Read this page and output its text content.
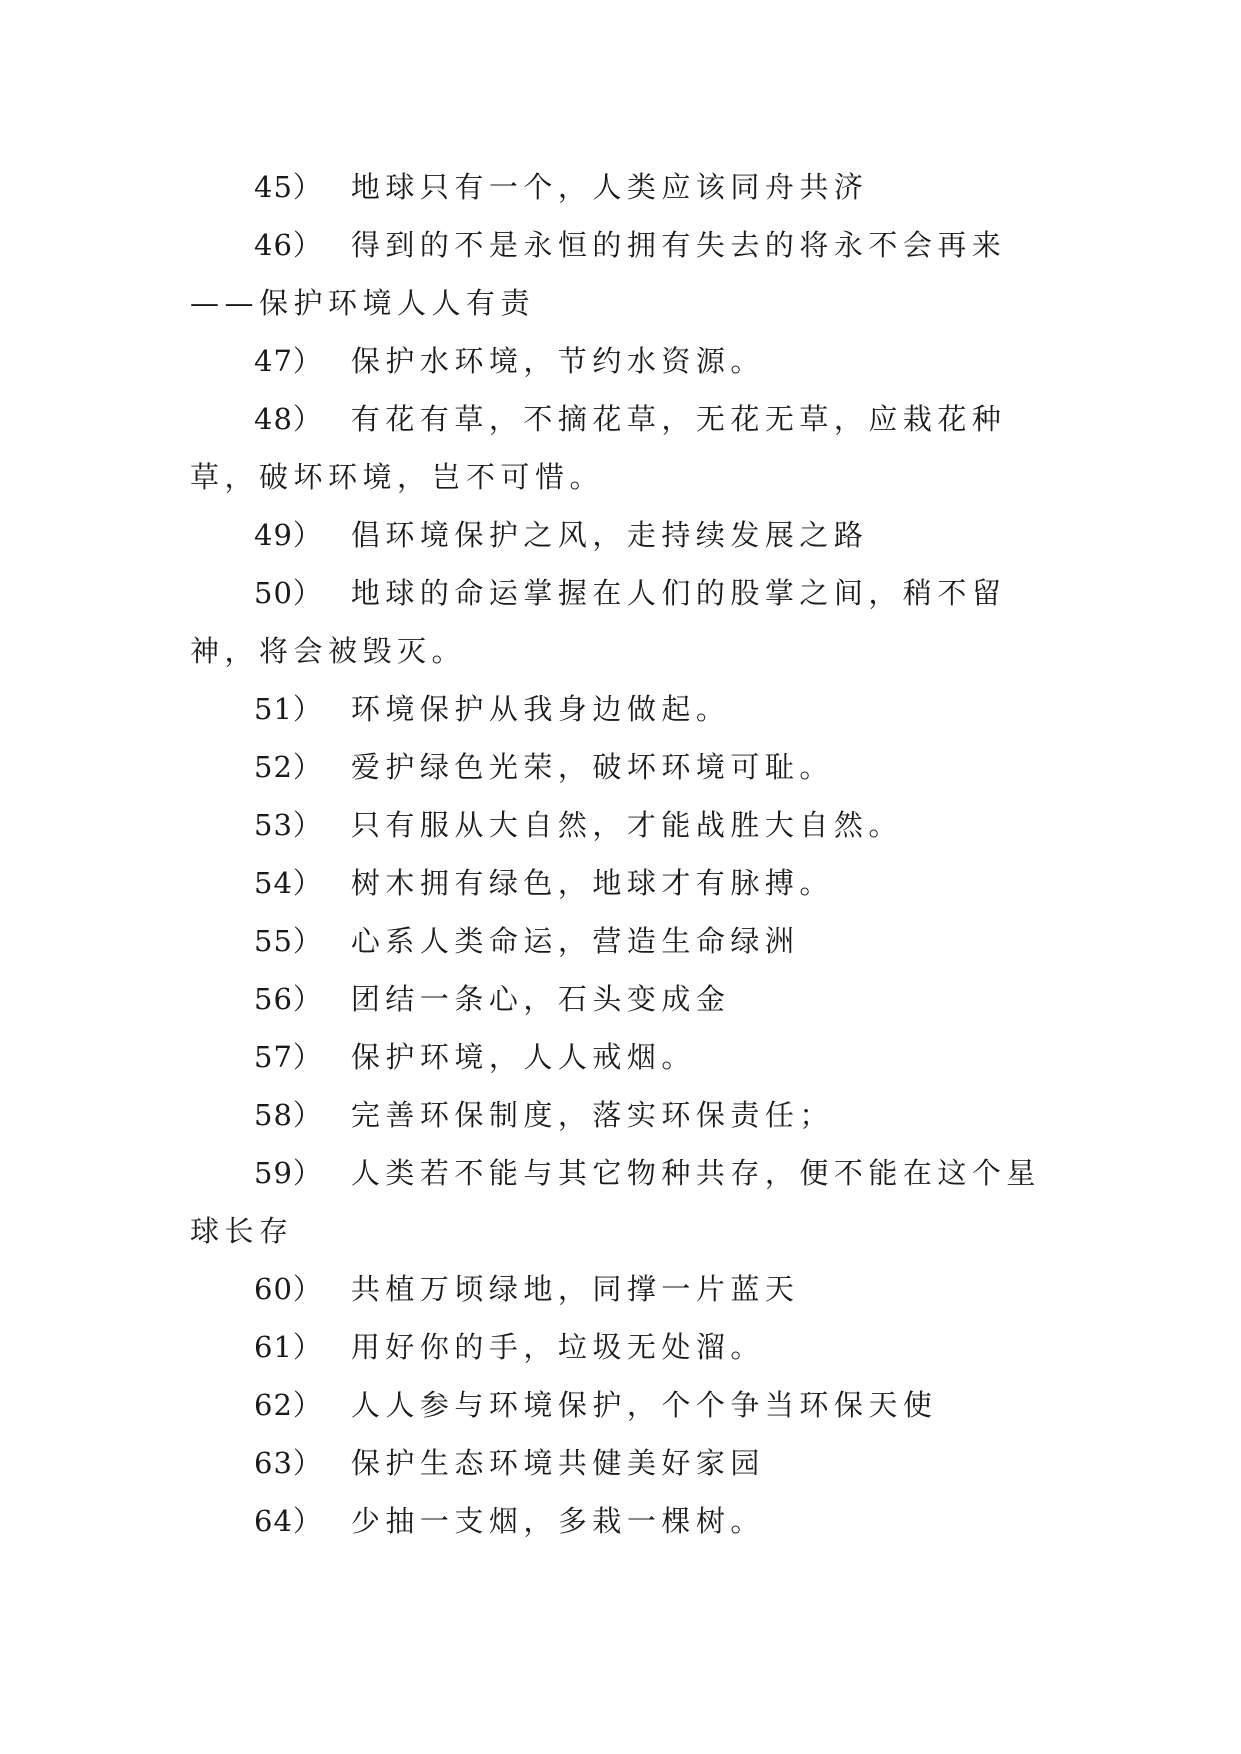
45） 地球只有一个，人类应该同舟共济

46） 得到的不是永恒的拥有失去的将永不会再来——保护环境人人有责

47） 保护水环境，节约水资源。

48） 有花有草，不摘花草，无花无草，应栽花种草，破坏环境，岂不可惜。

49） 倡环境保护之风，走持续发展之路

50） 地球的命运掌握在人们的股掌之间，稍不留神，将会被毁灭。

51） 环境保护从我身边做起。

52） 爱护绿色光荣，破坏环境可耻。

53） 只有服从大自然，才能战胜大自然。

54） 树木拥有绿色，地球才有脉搏。

55） 心系人类命运，营造生命绿洲

56） 团结一条心，石头变成金

57） 保护环境，人人戒烟。

58） 完善环保制度，落实环保责任；

59） 人类若不能与其它物种共存，便不能在这个星球长存

60） 共植万顷绿地，同撑一片蓝天

61） 用好你的手，垃圾无处溜。

62） 人人参与环境保护，个个争当环保天使

63） 保护生态环境共健美好家园

64） 少抽一支烟，多栽一棵树。
